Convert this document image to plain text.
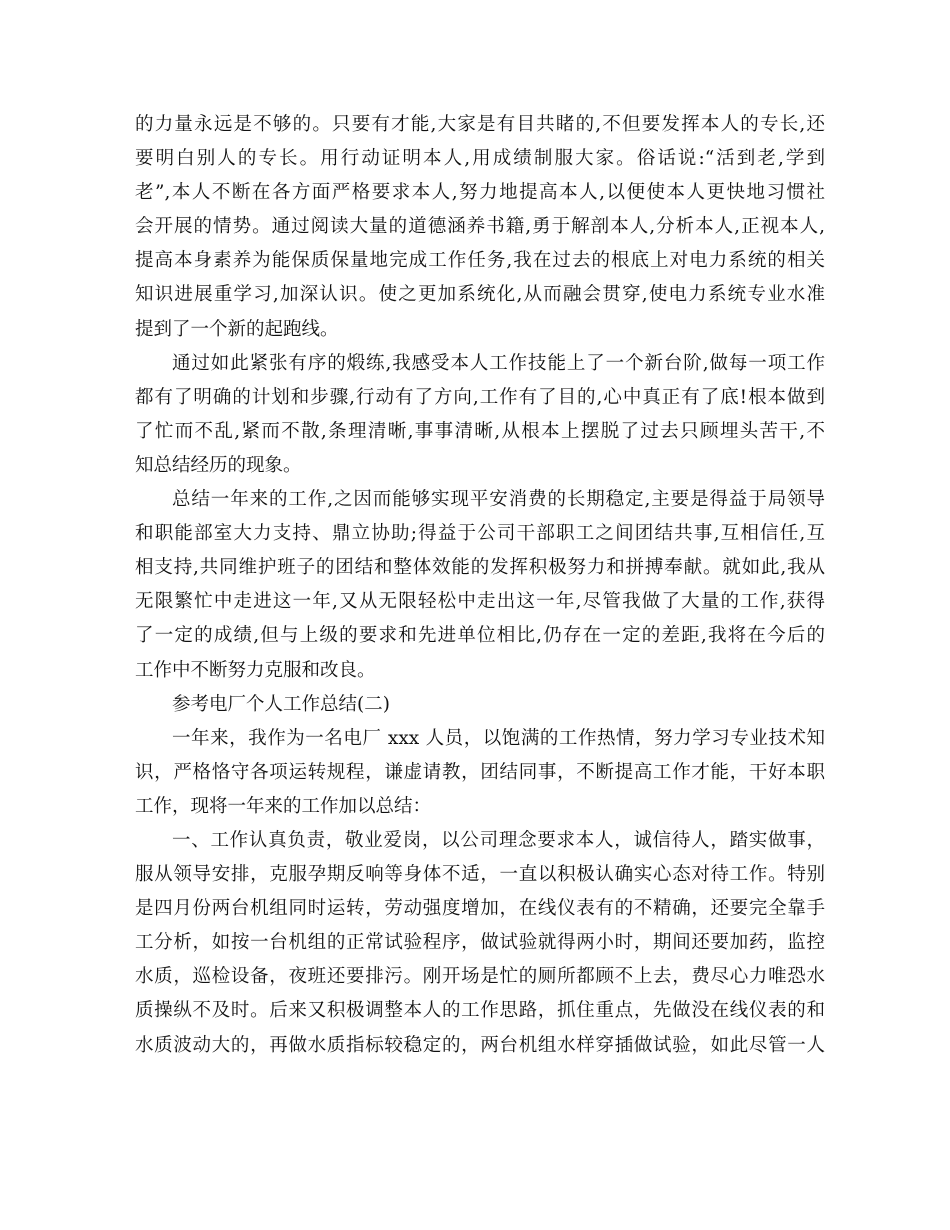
的力量永远是不够的。只要有才能,大家是有目共睹的,不但要发挥本人的专长,还
要明白别人的专长。用行动证明本人,用成绩制服大家。俗话说:“活到老,学到
老”,本人不断在各方面严格要求本人,努力地提高本人,以便使本人更快地习惯社
会开展的情势。通过阅读大量的道德涵养书籍,勇于解剖本人,分析本人,正视本人,
提高本身素养为能保质保量地完成工作任务,我在过去的根底上对电力系统的相关
知识进展重学习,加深认识。使之更加系统化,从而融会贯穿,使电力系统专业水准
提到了一个新的起跑线。
通过如此紧张有序的煅练,我感受本人工作技能上了一个新台阶,做每一项工作
都有了明确的计划和步骤,行动有了方向,工作有了目的,心中真正有了底!根本做到
了忙而不乱,紧而不散,条理清晰,事事清晰,从根本上摆脱了过去只顾埋头苦干,不
知总结经历的现象。
总结一年来的工作,之因而能够实现平安消费的长期稳定,主要是得益于局领导
和职能部室大力支持、鼎立协助;得益于公司干部职工之间团结共事,互相信任,互
相支持,共同维护班子的团结和整体效能的发挥积极努力和拼搏奉献。就如此,我从
无限繁忙中走进这一年,又从无限轻松中走出这一年,尽管我做了大量的工作,获得
了一定的成绩,但与上级的要求和先进单位相比,仍存在一定的差距,我将在今后的
工作中不断努力克服和改良。
参考电厂个人工作总结(二)
一年来，我作为一名电厂 xxx 人员，以饱满的工作热情，努力学习专业技术知
识，严格恪守各项运转规程，谦虚请教，团结同事，不断提高工作才能，干好本职
工作，现将一年来的工作加以总结：
一、工作认真负责，敬业爱岗，以公司理念要求本人，诚信待人，踏实做事，
服从领导安排，克服孕期反响等身体不适，一直以积极认确实心态对待工作。特别
是四月份两台机组同时运转，劳动强度增加，在线仪表有的不精确，还要完全靠手
工分析，如按一台机组的正常试验程序，做试验就得两小时，期间还要加药，监控
水质，巡检设备，夜班还要排污。刚开场是忙的厕所都顾不上去，费尽心力唯恐水
质操纵不及时。后来又积极调整本人的工作思路，抓住重点，先做没在线仪表的和
水质波动大的，再做水质指标较稳定的，两台机组水样穿插做试验，如此尽管一人
